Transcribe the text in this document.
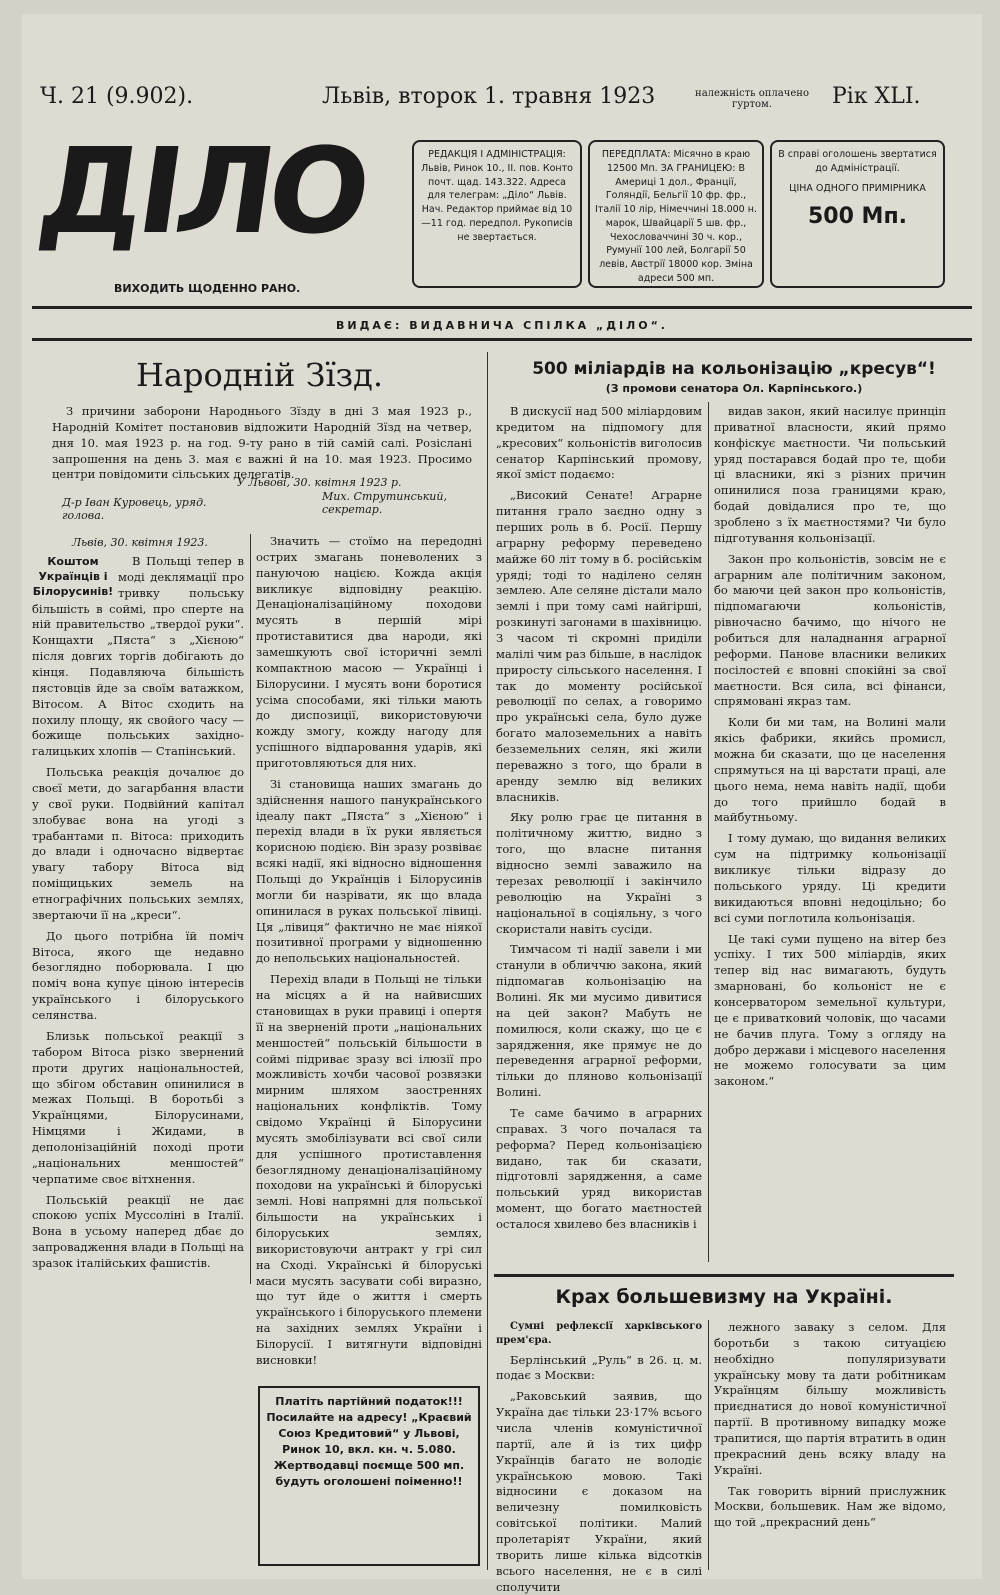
Ч. 21 (9.902).	Львів, второк 1. травня 1923	належність оплачено гуртом.	Рік XLI.
ДІЛО
ВИХОДИТЬ ЩОДЕННО РАНО.
РЕДАКЦІЯ І АДМІНІСТРАЦІЯ: Львів, Ринок 10., II. пов. Конто почт. щад. 143.322. Адреса для телеграм: „Діло“ Львів. Нач. Редактор приймає від 10—11 год. передпол. Рукописів не звертається.
ПЕРЕДПЛАТА: Місячно в краю 12500 Мп. ЗА ГРАНИЦЕЮ: В Америці 1 дол., Франції, Голяндії, Бельгії 10 фр. фр., Італії 10 лір, Німеччині 18.000 н. марок, Швайцарії 5 шв. фр., Чехословаччині 30 ч. кор., Румунії 100 лей, Болгарії 50 левів, Австрії 18000 кор. Зміна адреси 500 мп.
В справі оголошень звертатися до Адміністрації.
ЦІНА ОДНОГО ПРИМІРНИКА
500 Мп.
ВИДАЄ: ВИДАВНИЧА СПІЛКА „ДІЛО“.
Народній Зїзд.

З причини заборони Народнього Зїзду в дні 3 мая 1923 р., Народній Комітет постановив відложити Народній Зїзд на четвер, дня 10. мая 1923 р. на год. 9-ту рано в тій самій салі. Розіслані запрошення на день 3. мая є важні й на 10. мая 1923. Просимо центри повідомити сільських делегатів.

У Львові, 30. квітня 1923 р.
Д-р Іван Куровець, уряд. голова.
Мих. Струтинський, секретар.
Львів, 30. квітня 1923.
Коштом Українців і Білорусинів!

В Польщі тепер в моді деклямації про тривку польську більшість в соймі, про сперте на ній правительство „твердої руки“. Конщахти „Пяста“ з „Хієною“ після довгих торгів добігають до кінця. Подавляюча більшість пястовців йде за своїм ватажком, Вітосом. А Вітос сходить на похилу площу, як свойого часу — божище польських західно-галицьких хлопів — Стапінський.

Польська реакція дочалює до своєї мети, до загарбання власти у свої руки. Подвійний капітал злобуває вона на угоді з трабантами п. Вітоса: приходить до влади і одночасно відвертає увагу табору Вітоса від поміщицьких земель на етнографічних польських землях, звертаючи її на „креси“.

До цього потрібна їй поміч Вітоса, якого ще недавно безоглядно поборювала. І цю поміч вона купує ціною інтересів українського і білоруського селянства.

Близьк польської реакції з табором Вітоса різко звернений проти других національностей, що збігом обставин опинилися в межах Польщі. В боротьбі з Українцями, Білорусинами, Німцями і Жидами, в деполонізаційній поході проти „національних меншостей“ черпатиме своє вітхнення.

Польській реакції не дає спокою успіх Муссоліні в Італії. Вона в усьому наперед дбає до запровадження влади в Польщі на зразок італійських фашистів.

Значить — стоїмо на передодні острих змагань поневолених з пануючою нацією. Кожда акція викликує відповідну реакцію. Денаціоналізаційному походови мусять в першій мірі протиставитися два народи, які замешкують свої історичні землі компактною масою — Українці і Білорусини. І мусять вони боротися усіма способами, які тільки мають до диспозиції, використовуючи кожду змогу, кожду нагоду для успішного відпаровання ударів, які приготовляються для них.

Зі становища наших змагань до здійснення нашого панукраїнського ідеалу пакт „Пяста“ з „Хієною“ і перехід влади в їх руки являється корисною подією. Він зразу розвіває всякі надії, які відносно відношення Польщі до Українців і Білорусинів могли би назрівати, як що влада опинилася в руках польської лівиці. Ця „лівиця“ фактично не має ніякої позитивної програми у відношенню до непольських національностей.

Перехід влади в Польщі не тільки на місцях а й на найвисших становищах в руки правиці і опертя її на зверненій проти „національних меншостей“ польській більшости в соймі підриває зразу всі ілюзії про можливість хочби часової розвязки мирним шляхом заостреннях національних конфліктів. Тому свідомо Українці й Білорусини мусять змобілізувати всі свої сили для успішного протиставлення безоглядному денаціоналізаційному походови на українські й білоруські землі. Нові напрямні для польської більшости на українських і білоруських землях, використовуючи антракт у грі сил на Сході. Українські й білоруські маси мусять засувати собі виразно, що тут йде о життя і смерть українського і білоруського племени на західних землях України і Білорусії. І витягнути відповідні висновки!

Платіть партійний податок!!! Посилайте на адресу! „Краєвий Союз Кредитовий“ у Львові, Ринок 10, вкл. кн. ч. 5.080. Жертводавці поємще 500 мп. будуть оголошені поіменно!!
500 міліардів на кольонізацію „кресув“!
(З промови сенатора Ол. Карпінського.)

В дискусії над 500 міліардовим кредитом на підпомогу для „кресових“ кольоністів виголосив сенатор Карпінський промову, якої зміст подаємо:

„Високий Сенате! Аграрне питання грало заєдно одну з перших роль в б. Росії. Першу аграрну реформу переведено майже 60 літ тому в б. російськім уряді; тоді то наділено селян землею. Але селяне дістали мало землі і при тому самі найгірші, розкинуті загонами в шахівницю. З часом ті скромні приділи малілі чим раз більше, в наслідок приросту сільського населення. І так до моменту російської революції по селах, а говоримо про українські села, було дуже богато малоземельних а навіть безземельних селян, які жили переважно з того, що брали в аренду землю від великих власників.

Яку ролю грає це питання в політичному життю, видно з того, що власне питання відносно землі заважило на терезах революції і закінчило революцію на Україні з національної в соціяльну, з чого скористали навіть сусіди.

Тимчасом ті надії завели і ми станули в обличчю закона, який підпомагав кольонізацію на Волині. Як ми мусимо дивитися на цей закон? Мабуть не помилюся, коли скажу, що це є зарядження, яке прямує не до переведення аграрної реформи, тільки до пляново кольонізації Волині.

Те саме бачимо в аграрних справах. З чого почалася та реформа? Перед кольонізацією видано, так би сказати, підготовлі зарядження, а саме польський уряд використав момент, що богато маєтностей осталося хвилево без власників і

видав закон, який насилує принціп приватної власности, який прямо конфіскує маєтности. Чи польський уряд постарався бодай про те, щоби ці власники, які з різних причин опинилися поза границями краю, бодай довідалися про те, що зроблено з їх маєтностями? Чи було підготування кольонізації.

Закон про кольоністів, зовсім не є аграрним але політичним законом, бо маючи цей закон про кольоністів, підпомагаючи кольоністів, рівночасно бачимо, що нічого не робиться для наладнання аграрної реформи. Панове власники великих посілостей є вповні спокійні за свої маєтности. Вся сила, всі фінанси, спрямовані якраз там.

Коли би ми там, на Волині мали якісь фабрики, якийсь промисл, можна би сказати, що це населення спрямуться на ці варстати праці, але цього нема, нема навіть надії, щоби до того прийшло бодай в майбутньому.

І тому думаю, що видання великих сум на підтримку кольонізації викликує тільки відразу до польського уряду. Ці кредити викидаються вповні недоцільно; бо всі суми поглотила кольонізація.

Це такі суми пущено на вітер без успіху. І тих 500 міліардів, яких тепер від нас вимагають, будуть змарновані, бо кольоніст не є консерватором земельної культури, це є приватковий чоловік, що часами не бачив плуга. Тому з огляду на добро держави і місцевого населення не можемо голосувати за цим законом.“

Крах большевизму на Україні.

Сумні рефлексії харківського прем'єра.

Берлінський „Руль“ в 26. ц. м. подає з Москви:

„Раковський заявив, що Україна дає тільки 23·17% всього числа членів комуністичної партії, але й із тих цифр Українців багато не володіє українською мовою. Такі відносини є доказом на величезну помилковість совітської політики. Малий пролетаріят України, який творить лише кілька відсотків всього населення, не є в силі сполучити

лежного заваку з селом. Для боротьби з такою ситуацією необхідно популяризувати українську мову та дати робітникам Українцям більшу можливість приєднатися до нової комуністичної партії. В противному випадку може трапитися, що партія втратить в один прекрасний день всяку владу на Україні.

Так говорить вірний прислужник Москви, большевик. Нам же відомо, що той „прекрасний день“
